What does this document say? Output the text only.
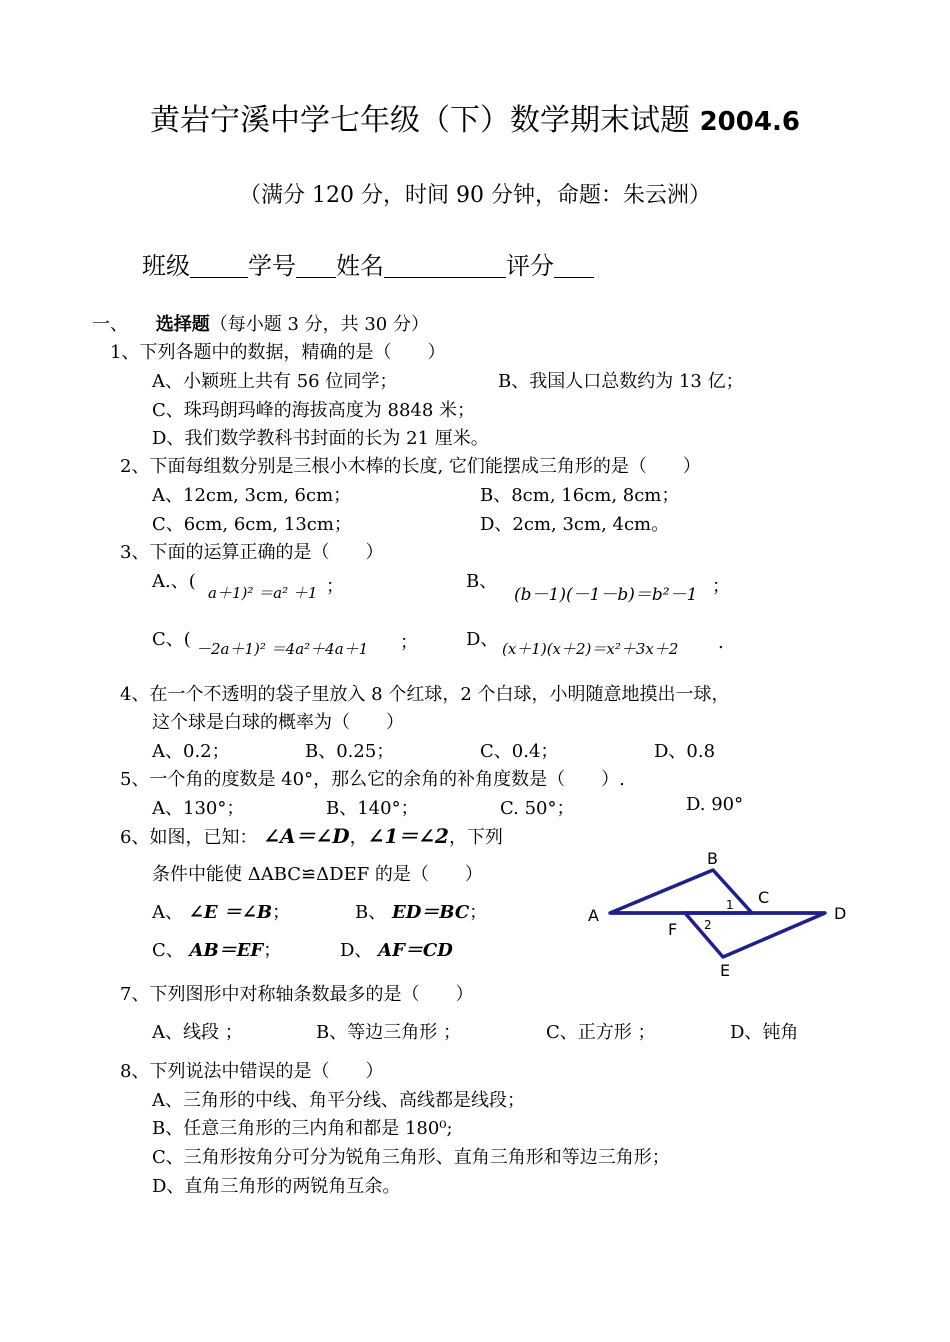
黄岩宁溪中学七年级（下）数学期末试题 2004.6
（满分 120 分，时间 90 分钟，命题：朱云洲）
班级 学号 姓名	评分
一、 选择题（每小题 3 分，共 30 分）
1、下列各题中的数据，精确的是（　　）
A、小颖班上共有 56 位同学；	B、我国人口总数约为 13 亿；
C、珠玛朗玛峰的海拔高度为 8848 米；
D、我们数学教科书封面的长为 21 厘米。
2、下面每组数分别是三根小木棒的长度, 它们能摆成三角形的是（　　）
A、12cm, 3cm, 6cm；	B、8cm, 16cm, 8cm；
C、6cm, 6cm, 13cm；	D、2cm, 3cm, 4cm。
3、下面的运算正确的是（　　）
A.、(
a＋1)² ＝a² ＋1 ；	B、
(b－1)(－1－b)＝b²－1 ；
C、( －2a＋1)² ＝4a²＋4a＋1 ；	D、 (x＋1)(x＋2)＝x²＋3x＋2 .
4、在一个不透明的袋子里放入 8 个红球，2 个白球，小明随意地摸出一球，
这个球是白球的概率为（　　）
A、0.2；	B、0.25；	C、0.4；	D、0.8
5、一个角的度数是 40°，那么它的余角的补角度数是（　　）.
A、130°；	B、140°；	C. 50°；	D. 90°
6、如图，已知： ∠A＝∠D，∠1＝∠2，下列
条件中能使 ΔABC≌ΔDEF 的是（　　）
A、 ∠E ＝∠B；	B、 ED＝BC；
C、 AB＝EF；	D、 AF＝CD
A
B
C
D
E
F
1
2
7、下列图形中对称轴条数最多的是（　　）
A、线段 ；	B、等边三角形 ；	C、正方形 ；	D、钝角
8、下列说法中错误的是（　　）
A、三角形的中线、角平分线、高线都是线段；
B、任意三角形的三内角和都是 180⁰;
C、三角形按角分可分为锐角三角形、直角三角形和等边三角形；
D、直角三角形的两锐角互余。
